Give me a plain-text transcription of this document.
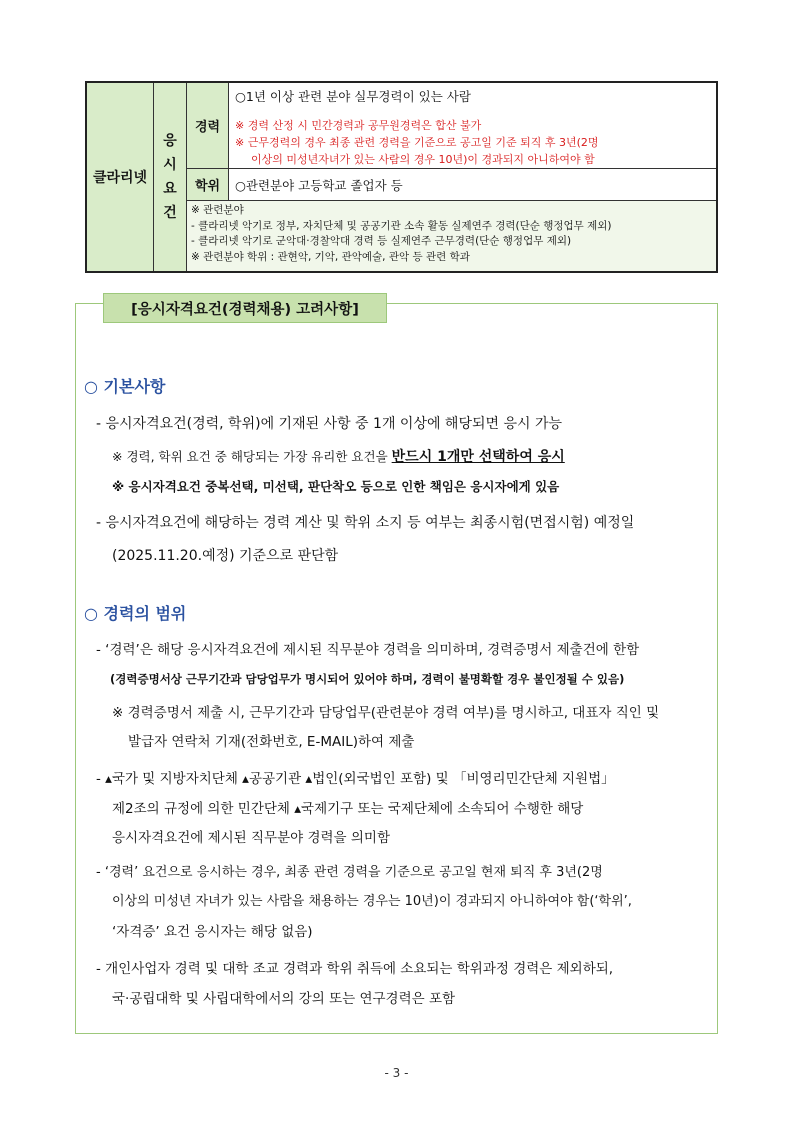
클라리넷
응
시
요
건
경력
○1년 이상 관련 분야 실무경력이 있는 사람
※ 경력 산정 시 민간경력과 공무원경력은 합산 불가
※ 근무경력의 경우 최종 관련 경력을 기준으로 공고일 기준 퇴직 후 3년(2명
이상의 미성년자녀가 있는 사람의 경우 10년)이 경과되지 아니하여야 함
학위	○관련분야 고등학교 졸업자 등
※ 관련분야
- 클라리넷 악기로 정부, 자치단체 및 공공기관 소속 활동 실제연주 경력(단순 행정업무 제외)
- 클라리넷 악기로 군악대·경찰악대 경력 등 실제연주 근무경력(단순 행정업무 제외)
※ 관련분야 학위 : 관현악, 기악, 관악예술, 관악 등 관련 학과
[응시자격요건(경력채용) 고려사항]
○ 기본사항
- 응시자격요건(경력, 학위)에 기재된 사항 중 1개 이상에 해당되면 응시 가능
※ 경력, 학위 요건 중 해당되는 가장 유리한 요건을 반드시 1개만 선택하여 응시
※ 응시자격요건 중복선택, 미선택, 판단착오 등으로 인한 책임은 응시자에게 있음
- 응시자격요건에 해당하는 경력 계산 및 학위 소지 등 여부는 최종시험(면접시험) 예정일
(2025.11.20.예정) 기준으로 판단함
○ 경력의 범위
- ‘경력’은 해당 응시자격요건에 제시된 직무분야 경력을 의미하며, 경력증명서 제출건에 한함
(경력증명서상 근무기간과 담당업무가 명시되어 있어야 하며, 경력이 불명확할 경우 불인정될 수 있음)
※ 경력증명서 제출 시, 근무기간과 담당업무(관련분야 경력 여부)를 명시하고, 대표자 직인 및
발급자 연락처 기재(전화번호, E-MAIL)하여 제출
- ▴국가 및 지방자치단체 ▴공공기관 ▴법인(외국법인 포함) 및 「비영리민간단체 지원법」
제2조의 규정에 의한 민간단체 ▴국제기구 또는 국제단체에 소속되어 수행한 해당
응시자격요건에 제시된 직무분야 경력을 의미함
- ‘경력’ 요건으로 응시하는 경우, 최종 관련 경력을 기준으로 공고일 현재 퇴직 후 3년(2명
이상의 미성년 자녀가 있는 사람을 채용하는 경우는 10년)이 경과되지 아니하여야 함(‘학위’,
‘자격증’ 요건 응시자는 해당 없음)
- 개인사업자 경력 및 대학 조교 경력과 학위 취득에 소요되는 학위과정 경력은 제외하되,
국·공립대학 및 사립대학에서의 강의 또는 연구경력은 포함
- 3 -
